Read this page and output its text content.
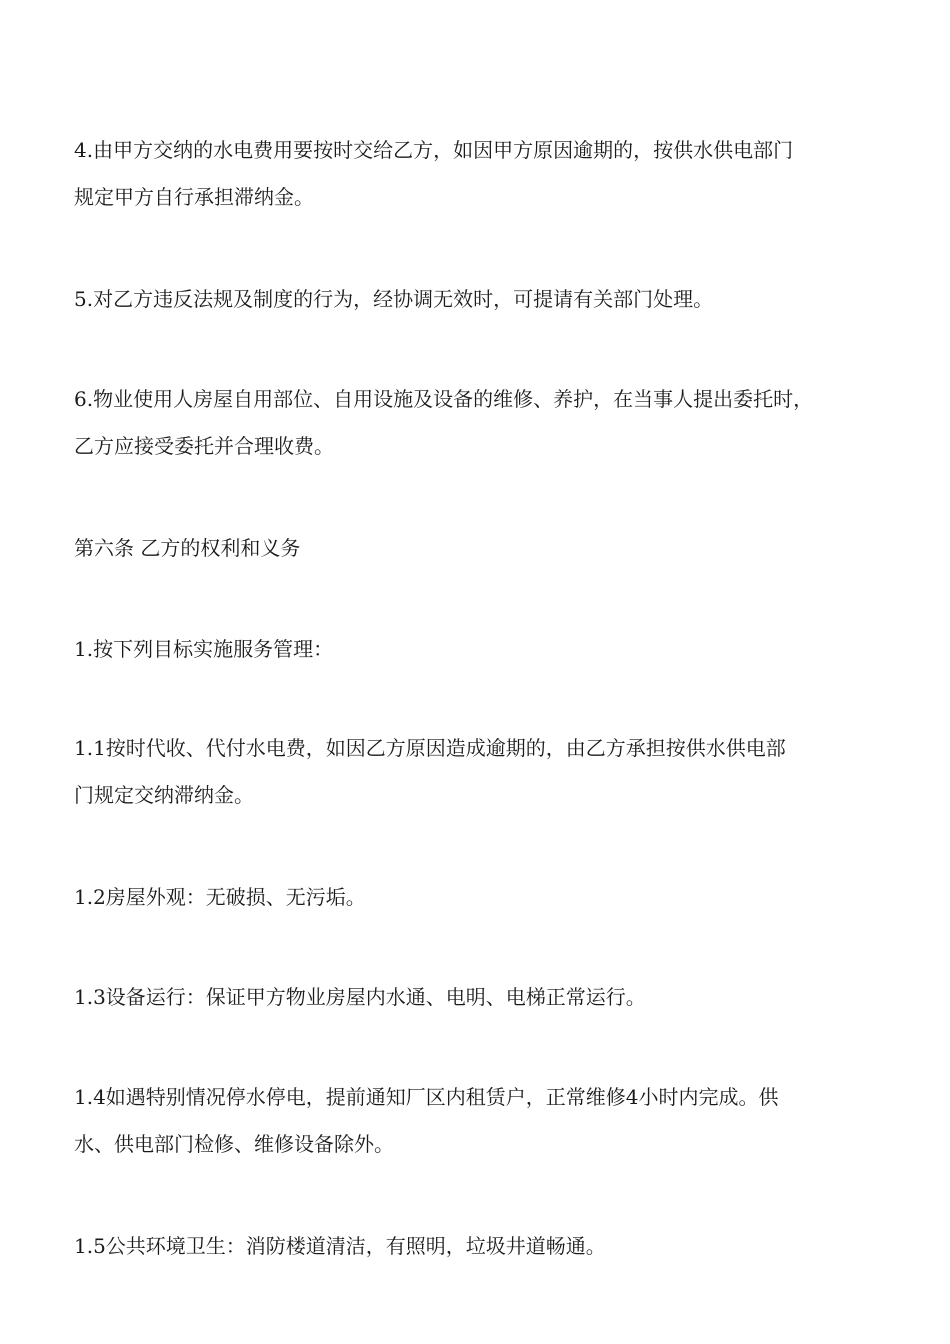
4.由甲方交纳的水电费用要按时交给乙方，如因甲方原因逾期的，按供水供电部门
规定甲方自行承担滞纳金。

5.对乙方违反法规及制度的行为，经协调无效时，可提请有关部门处理。

6.物业使用人房屋自用部位、自用设施及设备的维修、养护，在当事人提出委托时，
乙方应接受委托并合理收费。

第六条 乙方的权利和义务

1.按下列目标实施服务管理：

1.1按时代收、代付水电费，如因乙方原因造成逾期的，由乙方承担按供水供电部
门规定交纳滞纳金。

1.2房屋外观：无破损、无污垢。

1.3设备运行：保证甲方物业房屋内水通、电明、电梯正常运行。

1.4如遇特别情况停水停电，提前通知厂区内租赁户，正常维修4小时内完成。供
水、供电部门检修、维修设备除外。

1.5公共环境卫生：消防楼道清洁，有照明，垃圾井道畅通。
